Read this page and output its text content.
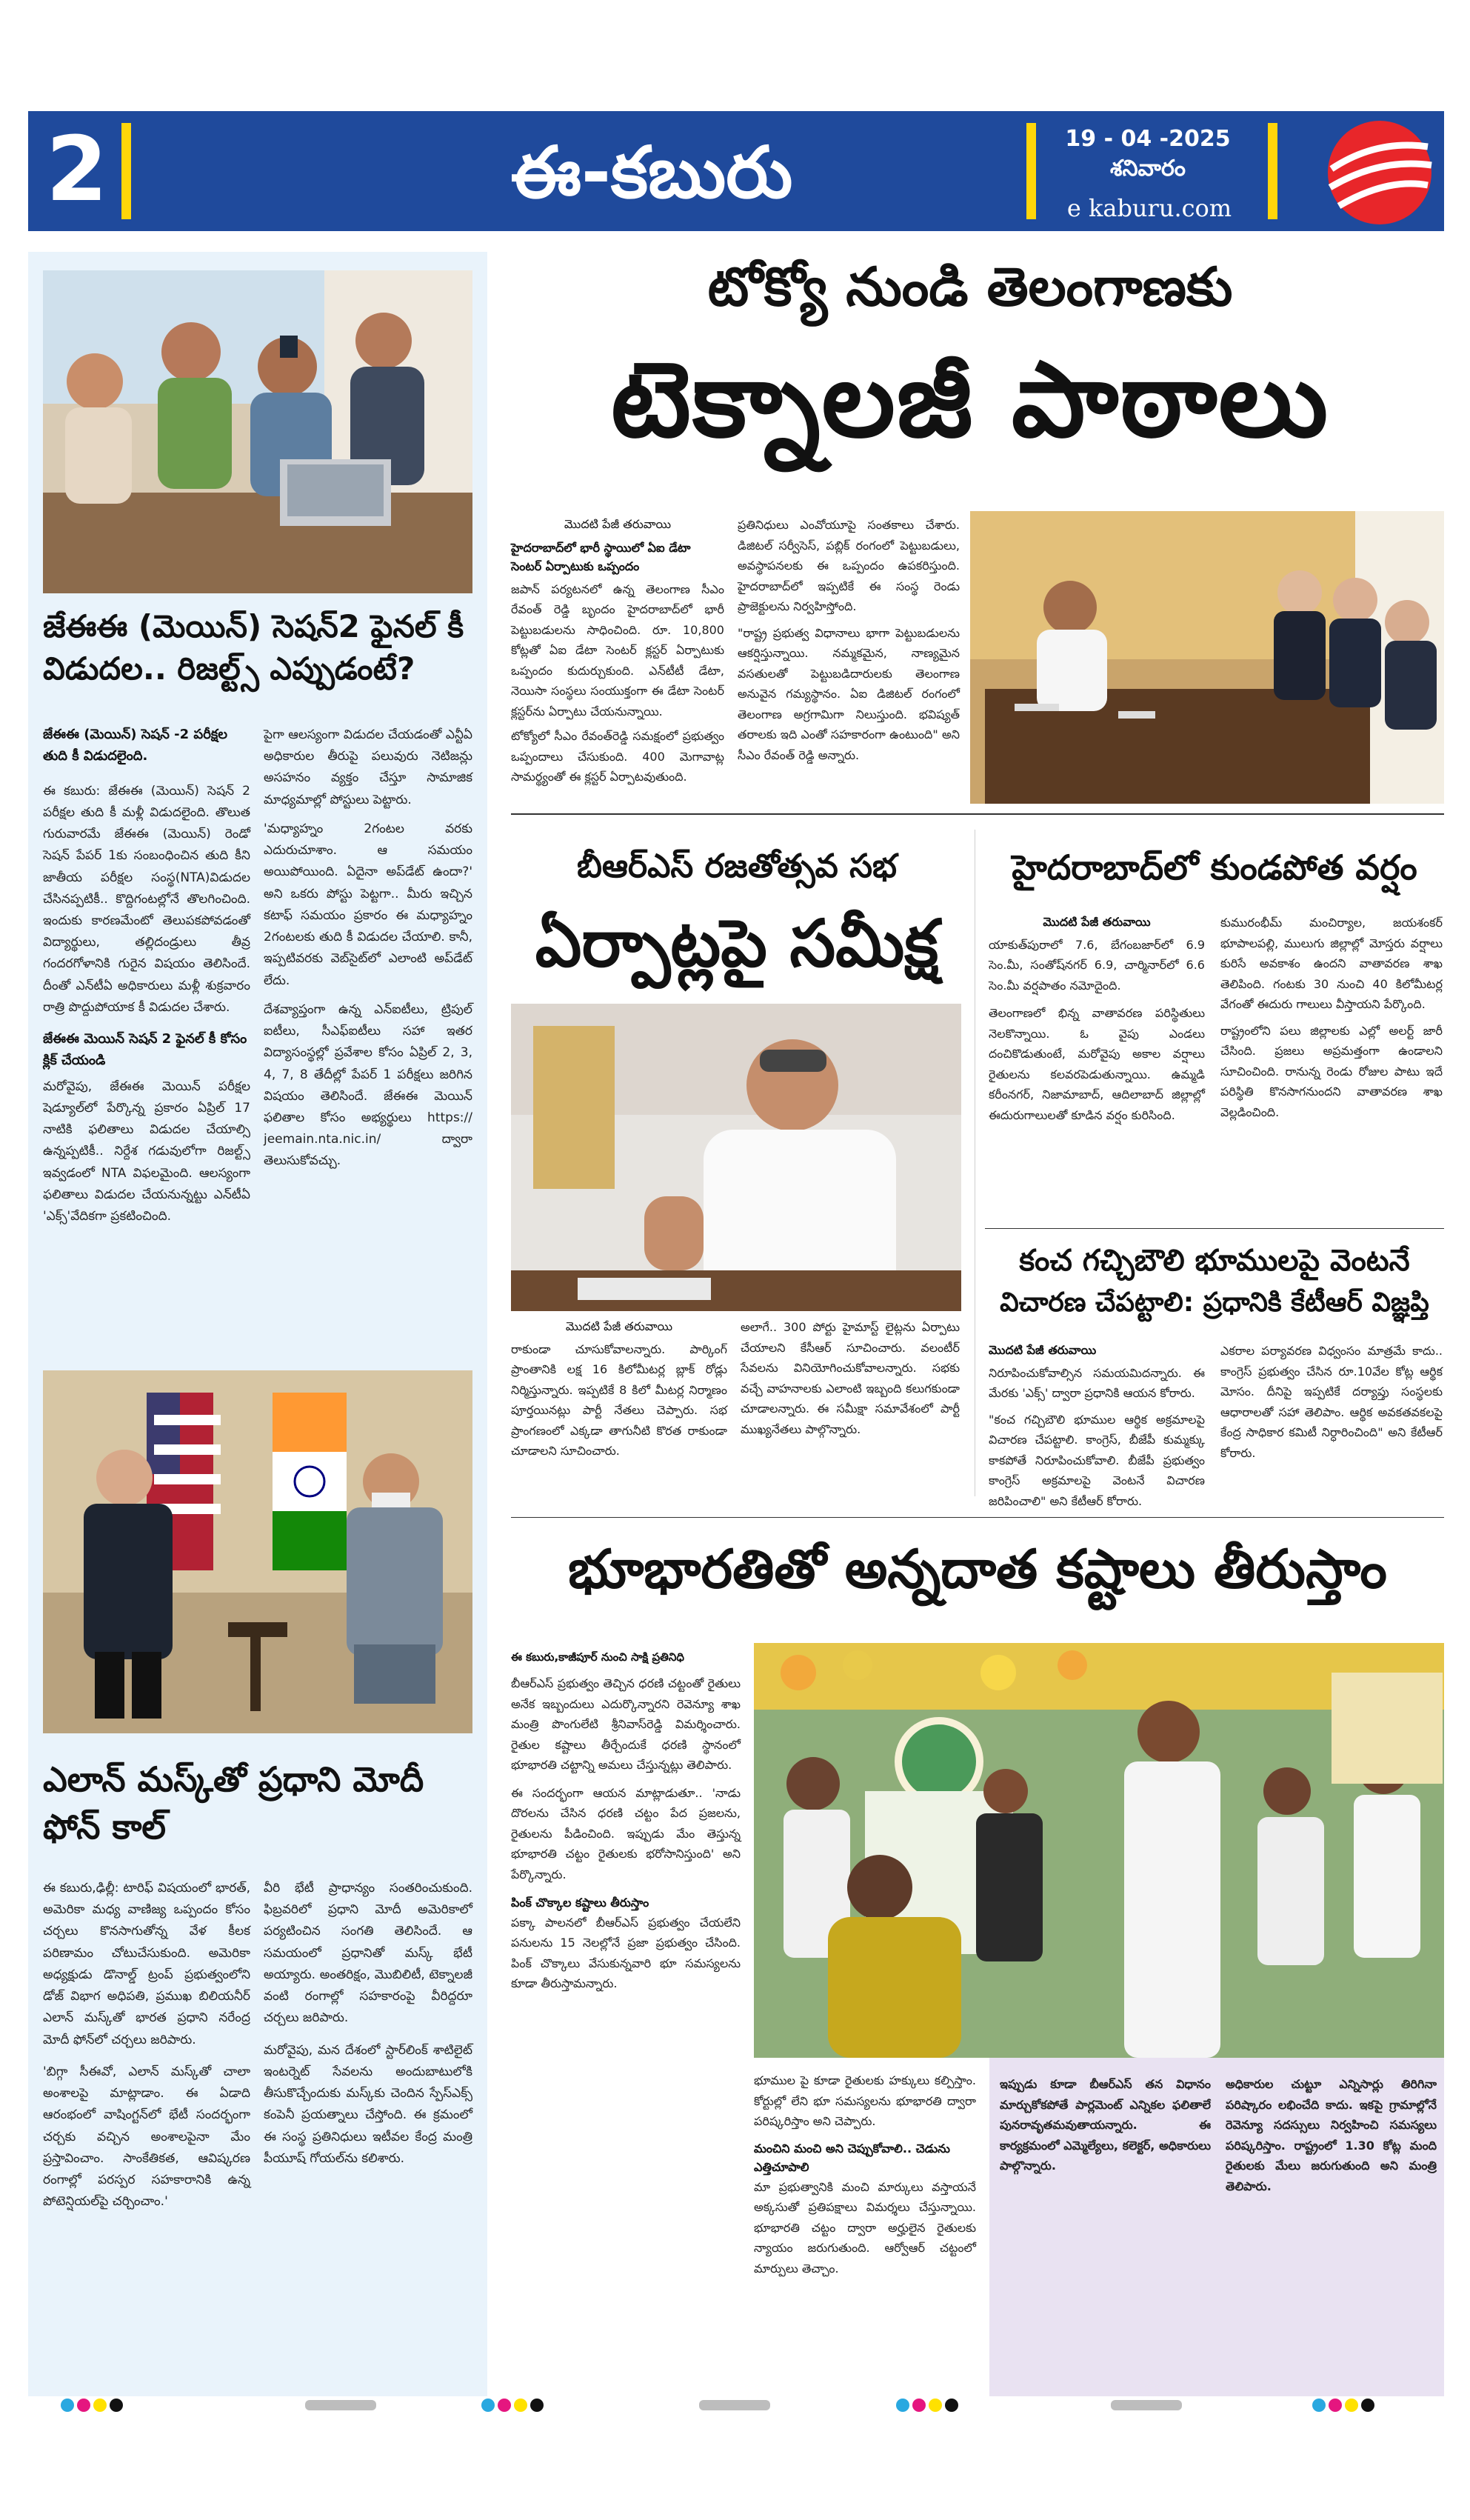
2	ఈ-కబురు	19 - 04 -2025
శనివారం
e kaburu.com
జేఈఈ (మెయిన్) సెషన్2 ఫైనల్ కీ విడుదల.. రిజల్ట్స్ ఎప్పుడంటే?
జేఈఈ (మెయిన్) సెషన్ -2 పరీక్షల తుది కీ విడుదలైంది.
ఈ కబురు: జేఈఈ (మెయిన్) సెషన్ 2 పరీక్షల తుది కీ మళ్లీ విడుదలైంది. తొలుత గురువారమే జేఈఈ (మెయిన్) రెండో సెషన్ పేపర్ 1కు సంబంధించిన తుది కీని జాతీయ పరీక్షల సంస్థ(NTA)విడుదల చేసినప్పటికీ.. కొద్దిగంటల్లోనే తొలగించింది. ఇందుకు కారణమేంటో తెలుపకపోవడంతో విద్యార్థులు, తల్లిదండ్రులు తీవ్ర గందరగోళానికి గురైన విషయం తెలిసిందే. దీంతో ఎన్‌టీఏ అధికారులు మళ్లీ శుక్రవారం రాత్రి పొద్దుపోయాక కీ విడుదల చేశారు.
జేఈఈ మెయిన్ సెషన్ 2 ఫైనల్ కీ కోసం క్లిక్ చేయండి
మరోవైపు, జేఈఈ మెయిన్ పరీక్షల షెడ్యూల్‌లో పేర్కొన్న ప్రకారం ఏప్రిల్ 17 నాటికి ఫలితాలు విడుదల చేయాల్సి ఉన్నప్పటికీ.. నిర్దేశ గడువులోగా రిజల్ట్స్ ఇవ్వడంలో NTA విఫలమైంది. ఆలస్యంగా ఫలితాలు విడుదల చేయనున్నట్టు ఎన్‌టీఏ 'ఎక్స్'వేదికగా ప్రకటించింది.
పైగా ఆలస్యంగా విడుదల చేయడంతో ఎన్టీఏ అధికారుల తీరుపై పలువురు నెటిజన్లు అసహనం వ్యక్తం చేస్తూ సామాజిక మాధ్యమాల్లో పోస్టులు పెట్టారు.
'మధ్యాహ్నం 2గంటల వరకు ఎదురుచూశాం. ఆ సమయం అయిపోయింది. ఏదైనా అప్‌డేట్ ఉందా?' అని ఒకరు పోస్టు పెట్టగా.. మీరు ఇచ్చిన కటాఫ్ సమయం ప్రకారం ఈ మధ్యాహ్నం 2గంటలకు తుది కీ విడుదల చేయాలి. కానీ, ఇప్పటివరకు వెబ్‌సైట్‌లో ఎలాంటి అప్‌డేట్ లేదు.
దేశవ్యాప్తంగా ఉన్న ఎన్ఐటీలు, ట్రిపుల్ ఐటీలు, సీఎఫ్ఐటీలు సహా ఇతర విద్యాసంస్థల్లో ప్రవేశాల కోసం ఏప్రిల్ 2, 3, 4, 7, 8 తేదీల్లో పేపర్ 1 పరీక్షలు జరిగిన విషయం తెలిసిందే. జేఈఈ మెయిన్ ఫలితాల కోసం అభ్యర్థులు https:// jeemain.nta.nic.in/ ద్వారా తెలుసుకోవచ్చు.
ఎలాన్ మస్క్‌తో ప్రధాని మోదీ ఫోన్ కాల్
ఈ కబురు,ఢిల్లీ: టారిఫ్ విషయంలో భారత్, అమెరికా మధ్య వాణిజ్య ఒప్పందం కోసం చర్చలు కొనసాగుతోన్న వేళ కీలక పరిణామం చోటుచేసుకుంది. అమెరికా అధ్యక్షుడు డొనాల్డ్ ట్రంప్ ప్రభుత్వంలోని డోజ్ విభాగ అధిపతి, ప్రముఖ బిలియనీర్ ఎలాన్ మస్క్‌తో భారత ప్రధాని నరేంద్ర మోదీ ఫోన్‌లో చర్చలు జరిపారు.
'బిగ్గా సీఈవో, ఎలాన్ మస్క్‌తో చాలా అంశాలపై మాట్లాడాం. ఈ ఏడాది ఆరంభంలో వాషింగ్టన్‌లో భేటీ సందర్భంగా చర్చకు వచ్చిన అంశాలపైనా మేం ప్రస్తావించాం. సాంకేతికత, ఆవిష్కరణ రంగాల్లో పరస్పర సహకారానికి ఉన్న పోటెన్షియల్‌పై చర్చించాం.'
వీరి భేటీ ప్రాధాన్యం సంతరించుకుంది. ఫిబ్రవరిలో ప్రధాని మోదీ అమెరికాలో పర్యటించిన సంగతి తెలిసిందే. ఆ సమయంలో ప్రధానితో మస్క్ భేటీ అయ్యారు. అంతరిక్షం, మొబిలిటీ, టెక్నాలజీ వంటి రంగాల్లో సహకారంపై వీరిద్దరూ చర్చలు జరిపారు.
మరోవైపు, మన దేశంలో స్టార్‌లింక్ శాటిలైట్ ఇంటర్నెట్ సేవలను అందుబాటులోకి తీసుకొచ్చేందుకు మస్క్‌కు చెందిన స్పేస్‌ఎక్స్ కంపెనీ ప్రయత్నాలు చేస్తోంది. ఈ క్రమంలో ఈ సంస్థ ప్రతినిధులు ఇటీవల కేంద్ర మంత్రి పీయూష్ గోయల్‌ను కలిశారు.
టోక్యో నుండి తెలంగాణకు
టెక్నాలజీ పాఠాలు
మొదటి పేజీ తరువాయి
హైదరాబాద్‌లో భారీ స్థాయిలో ఏఐ డేటా సెంటర్ ఏర్పాటుకు ఒప్పందం
జపాన్ పర్యటనలో ఉన్న తెలంగాణ సీఎం రేవంత్ రెడ్డి బృందం హైదరాబాద్‌లో భారీ పెట్టుబడులను సాధించింది. రూ. 10,800 కోట్లతో ఏఐ డేటా సెంటర్ క్లస్టర్ ఏర్పాటుకు ఒప్పందం కుదుర్చుకుంది. ఎన్‌టీటీ డేటా, నెయిసా సంస్థలు సంయుక్తంగా ఈ డేటా సెంటర్ క్లస్టర్‌ను ఏర్పాటు చేయనున్నాయి.
టోక్యోలో సీఎం రేవంత్‌రెడ్డి సమక్షంలో ప్రభుత్వం ఒప్పందాలు చేసుకుంది. 400 మెగావాట్ల సామర్థ్యంతో ఈ క్లస్టర్ ఏర్పాటవుతుంది.
ప్రతినిధులు ఎంవోయూపై సంతకాలు చేశారు. డిజిటల్ సర్వీసెస్, పబ్లిక్ రంగంలో పెట్టుబడులు, అవస్థాపనలకు ఈ ఒప్పందం ఉపకరిస్తుంది. హైదరాబాద్‌లో ఇప్పటికే ఈ సంస్థ రెండు ప్రాజెక్టులను నిర్వహిస్తోంది.
"రాష్ట్ర ప్రభుత్వ విధానాలు భాగా పెట్టుబడులను ఆకర్షిస్తున్నాయి. నమ్మకమైన, నాణ్యమైన వసతులతో పెట్టుబడిదారులకు తెలంగాణ అనువైన గమ్యస్థానం. ఏఐ డిజిటల్ రంగంలో తెలంగాణ అగ్రగామిగా నిలుస్తుంది. భవిష్యత్ తరాలకు ఇది ఎంతో సహకారంగా ఉంటుంది" అని సీఎం రేవంత్ రెడ్డి అన్నారు.
బీఆర్ఎస్ రజతోత్సవ సభ
ఏర్పాట్లపై సమీక్ష
మొదటి పేజీ తరువాయి
రాకుండా చూసుకోవాలన్నారు. పార్కింగ్ ప్రాంతానికి లక్ష 16 కిలోమీటర్ల బ్లాక్ రోడ్లు నిర్మిస్తున్నారు. ఇప్పటికే 8 కిలో మీటర్ల నిర్మాణం పూర్తయినట్లు పార్టీ నేతలు చెప్పారు. సభ ప్రాంగణంలో ఎక్కడా తాగునీటి కొరత రాకుండా చూడాలని సూచించారు.
అలాగే.. 300 పోర్టు హైమాస్ట్ లైట్లను ఏర్పాటు చేయాలని కేసీఆర్ సూచించారు. వలంటీర్ సేవలను వినియోగించుకోవాలన్నారు. సభకు వచ్చే వాహనాలకు ఎలాంటి ఇబ్బంది కలుగకుండా చూడాలన్నారు. ఈ సమీక్షా సమావేశంలో పార్టీ ముఖ్యనేతలు పాల్గొన్నారు.
హైదరాబాద్‌లో కుండపోత వర్షం
మొదటి పేజీ తరువాయి
యాకుత్‌పురాలో 7.6, బేగంబజార్‌లో 6.9 సెం.మీ, సంతోష్‌నగర్ 6.9, చార్మినార్‌లో 6.6 సెం.మీ వర్షపాతం నమోదైంది.
తెలంగాణలో భిన్న వాతావరణ పరిస్థితులు నెలకొన్నాయి. ఓ వైపు ఎండలు దంచికొడుతుంటే, మరోవైపు అకాల వర్షాలు రైతులను కలవరపెడుతున్నాయి. ఉమ్మడి కరీంనగర్, నిజామాబాద్, ఆదిలాబాద్ జిల్లాల్లో ఈదురుగాలులతో కూడిన వర్షం కురిసింది.
కుమురంభీమ్ మంచిర్యాల, జయశంకర్ భూపాలపల్లి, ములుగు జిల్లాల్లో మోస్తరు వర్షాలు కురిసే అవకాశం ఉందని వాతావరణ శాఖ తెలిపింది. గంటకు 30 నుంచి 40 కిలోమీటర్ల వేగంతో ఈదురు గాలులు వీస్తాయని పేర్కొంది.
రాష్ట్రంలోని పలు జిల్లాలకు ఎల్లో అలర్ట్ జారీ చేసింది. ప్రజలు అప్రమత్తంగా ఉండాలని సూచించింది. రానున్న రెండు రోజుల పాటు ఇదే పరిస్థితి కొనసాగనుందని వాతావరణ శాఖ వెల్లడించింది.
కంచ గచ్చిబౌలి భూములపై వెంటనే
విచారణ చేపట్టాలి: ప్రధానికి కేటీఆర్ విజ్ఞప్తి
మొదటి పేజీ తరువాయి
నిరూపించుకోవాల్సిన సమయమిదన్నారు. ఈ మేరకు 'ఎక్స్' ద్వారా ప్రధానికి ఆయన కోరారు.
"కంచ గచ్చిబౌలి భూముల ఆర్థిక అక్రమాలపై విచారణ చేపట్టాలి. కాంగ్రెస్, బీజేపీ కుమ్మక్కు కాకపోతే నిరూపించుకోవాలి. బీజేపీ ప్రభుత్వం కాంగ్రెస్ అక్రమాలపై వెంటనే విచారణ జరిపించాలి" అని కేటీఆర్ కోరారు.
ఎకరాల పర్యావరణ విధ్వంసం మాత్రమే కాదు.. కాంగ్రెస్ ప్రభుత్వం చేసిన రూ.10వేల కోట్ల ఆర్థిక మోసం. దీనిపై ఇప్పటికే దర్యాప్తు సంస్థలకు ఆధారాలతో సహా తెలిపాం. ఆర్థిక అవకతవకలపై కేంద్ర సాధికార కమిటీ నిర్ధారించింది" అని కేటీఆర్ కోరారు.
భూభారతితో అన్నదాత కష్టాలు తీరుస్తాం
ఈ కబురు,కాజీపూర్ నుంచి సాక్షి ప్రతినిధి
బీఆర్ఎస్ ప్రభుత్వం తెచ్చిన ధరణి చట్టంతో రైతులు అనేక ఇబ్బందులు ఎదుర్కొన్నారని రెవెన్యూ శాఖ మంత్రి పొంగులేటి శ్రీనివాస్‌రెడ్డి విమర్శించారు. రైతుల కష్టాలు తీర్చేందుకే ధరణి స్థానంలో భూభారతి చట్టాన్ని అమలు చేస్తున్నట్లు తెలిపారు.
ఈ సందర్భంగా ఆయన మాట్లాడుతూ.. 'నాడు దొరలను చేసిన ధరణి చట్టం పేద ప్రజలను, రైతులను పీడించింది. ఇప్పుడు మేం తెస్తున్న భూభారతి చట్టం రైతులకు భరోసానిస్తుంది' అని పేర్కొన్నారు.
పింక్ చొక్కాల కష్టాలు తీరుస్తాం
పక్కా పాలనలో బీఆర్ఎస్ ప్రభుత్వం చేయలేని పనులను 15 నెలల్లోనే ప్రజా ప్రభుత్వం చేసింది. పింక్ చొక్కాలు వేసుకున్నవారి భూ సమస్యలను కూడా తీరుస్తామన్నారు.
భూముల పై కూడా రైతులకు హక్కులు కల్పిస్తాం. కోర్టుల్లో లేని భూ సమస్యలను భూభారతి ద్వారా పరిష్కరిస్తాం అని చెప్పారు.
మంచిని మంచి అని చెప్పుకోవాలి.. చెడును ఎత్తిచూపాలి
మా ప్రభుత్వానికి మంచి మార్కులు వస్తాయనే అక్కసుతో ప్రతిపక్షాలు విమర్శలు చేస్తున్నాయి. భూభారతి చట్టం ద్వారా అర్హులైన రైతులకు న్యాయం జరుగుతుంది. ఆర్వోఆర్ చట్టంలో మార్పులు తెచ్చాం.
ఇప్పుడు కూడా బీఆర్ఎస్ తన విధానం మార్చుకోకపోతే పార్లమెంట్ ఎన్నికల ఫలితాలే పునరావృతమవుతాయన్నారు. ఈ కార్యక్రమంలో ఎమ్మెల్యేలు, కలెక్టర్, అధికారులు పాల్గొన్నారు.
అధికారుల చుట్టూ ఎన్నిసార్లు తిరిగినా పరిష్కారం లభించేది కాదు. ఇకపై గ్రామాల్లోనే రెవెన్యూ సదస్సులు నిర్వహించి సమస్యలు పరిష్కరిస్తాం. రాష్ట్రంలో 1.30 కోట్ల మంది రైతులకు మేలు జరుగుతుంది అని మంత్రి తెలిపారు.
